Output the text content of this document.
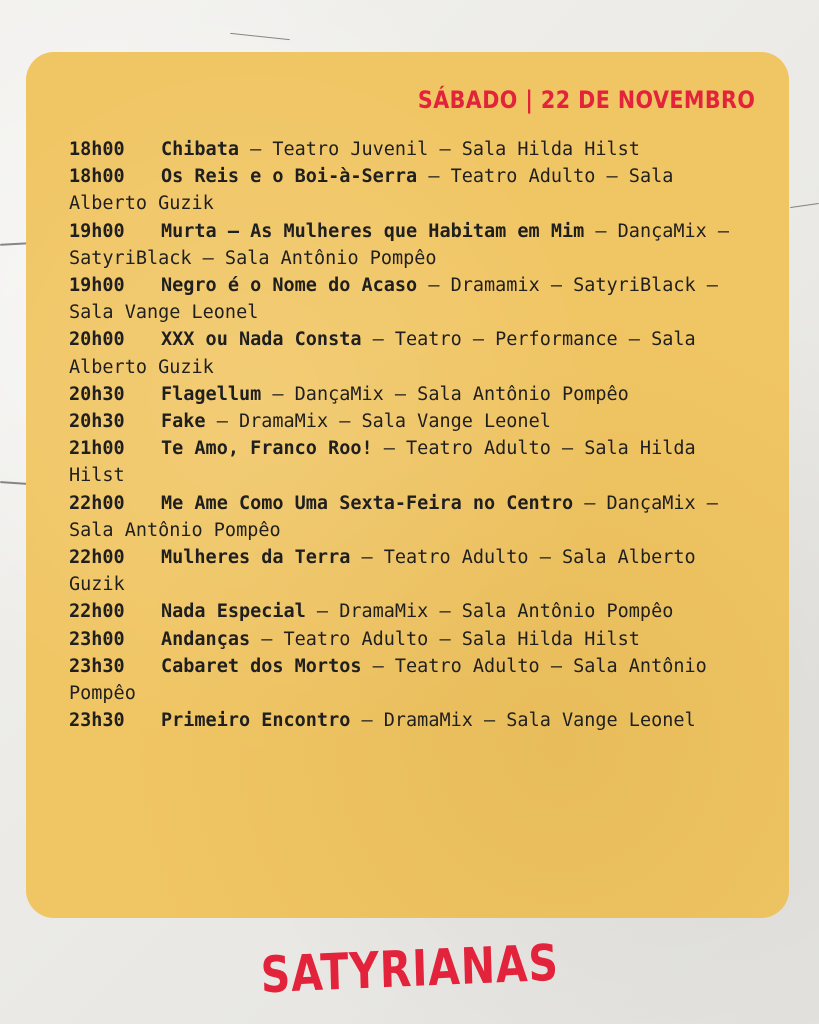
SÁBADO | 22 DE NOVEMBRO

18h00 Chibata – Teatro Juvenil – Sala Hilda Hilst

18h00 Os Reis e o Boi-à-Serra – Teatro Adulto – Sala Alberto Guzik

19h00 Murta – As Mulheres que Habitam em Mim – DançaMix – SatyriBlack – Sala Antônio Pompêo

19h00 Negro é o Nome do Acaso – Dramamix – SatyriBlack – Sala Vange Leonel

20h00 XXX ou Nada Consta – Teatro – Performance – Sala Alberto Guzik

20h30 Flagellum – DançaMix – Sala Antônio Pompêo

20h30 Fake – DramaMix – Sala Vange Leonel

21h00 Te Amo, Franco Roo! – Teatro Adulto – Sala Hilda Hilst

22h00 Me Ame Como Uma Sexta-Feira no Centro – DançaMix – Sala Antônio Pompêo

22h00 Mulheres da Terra – Teatro Adulto – Sala Alberto Guzik

22h00 Nada Especial – DramaMix – Sala Antônio Pompêo

23h00 Andanças – Teatro Adulto – Sala Hilda Hilst

23h30 Cabaret dos Mortos – Teatro Adulto – Sala Antônio Pompêo

23h30 Primeiro Encontro – DramaMix – Sala Vange Leonel

SATYRIANAS
